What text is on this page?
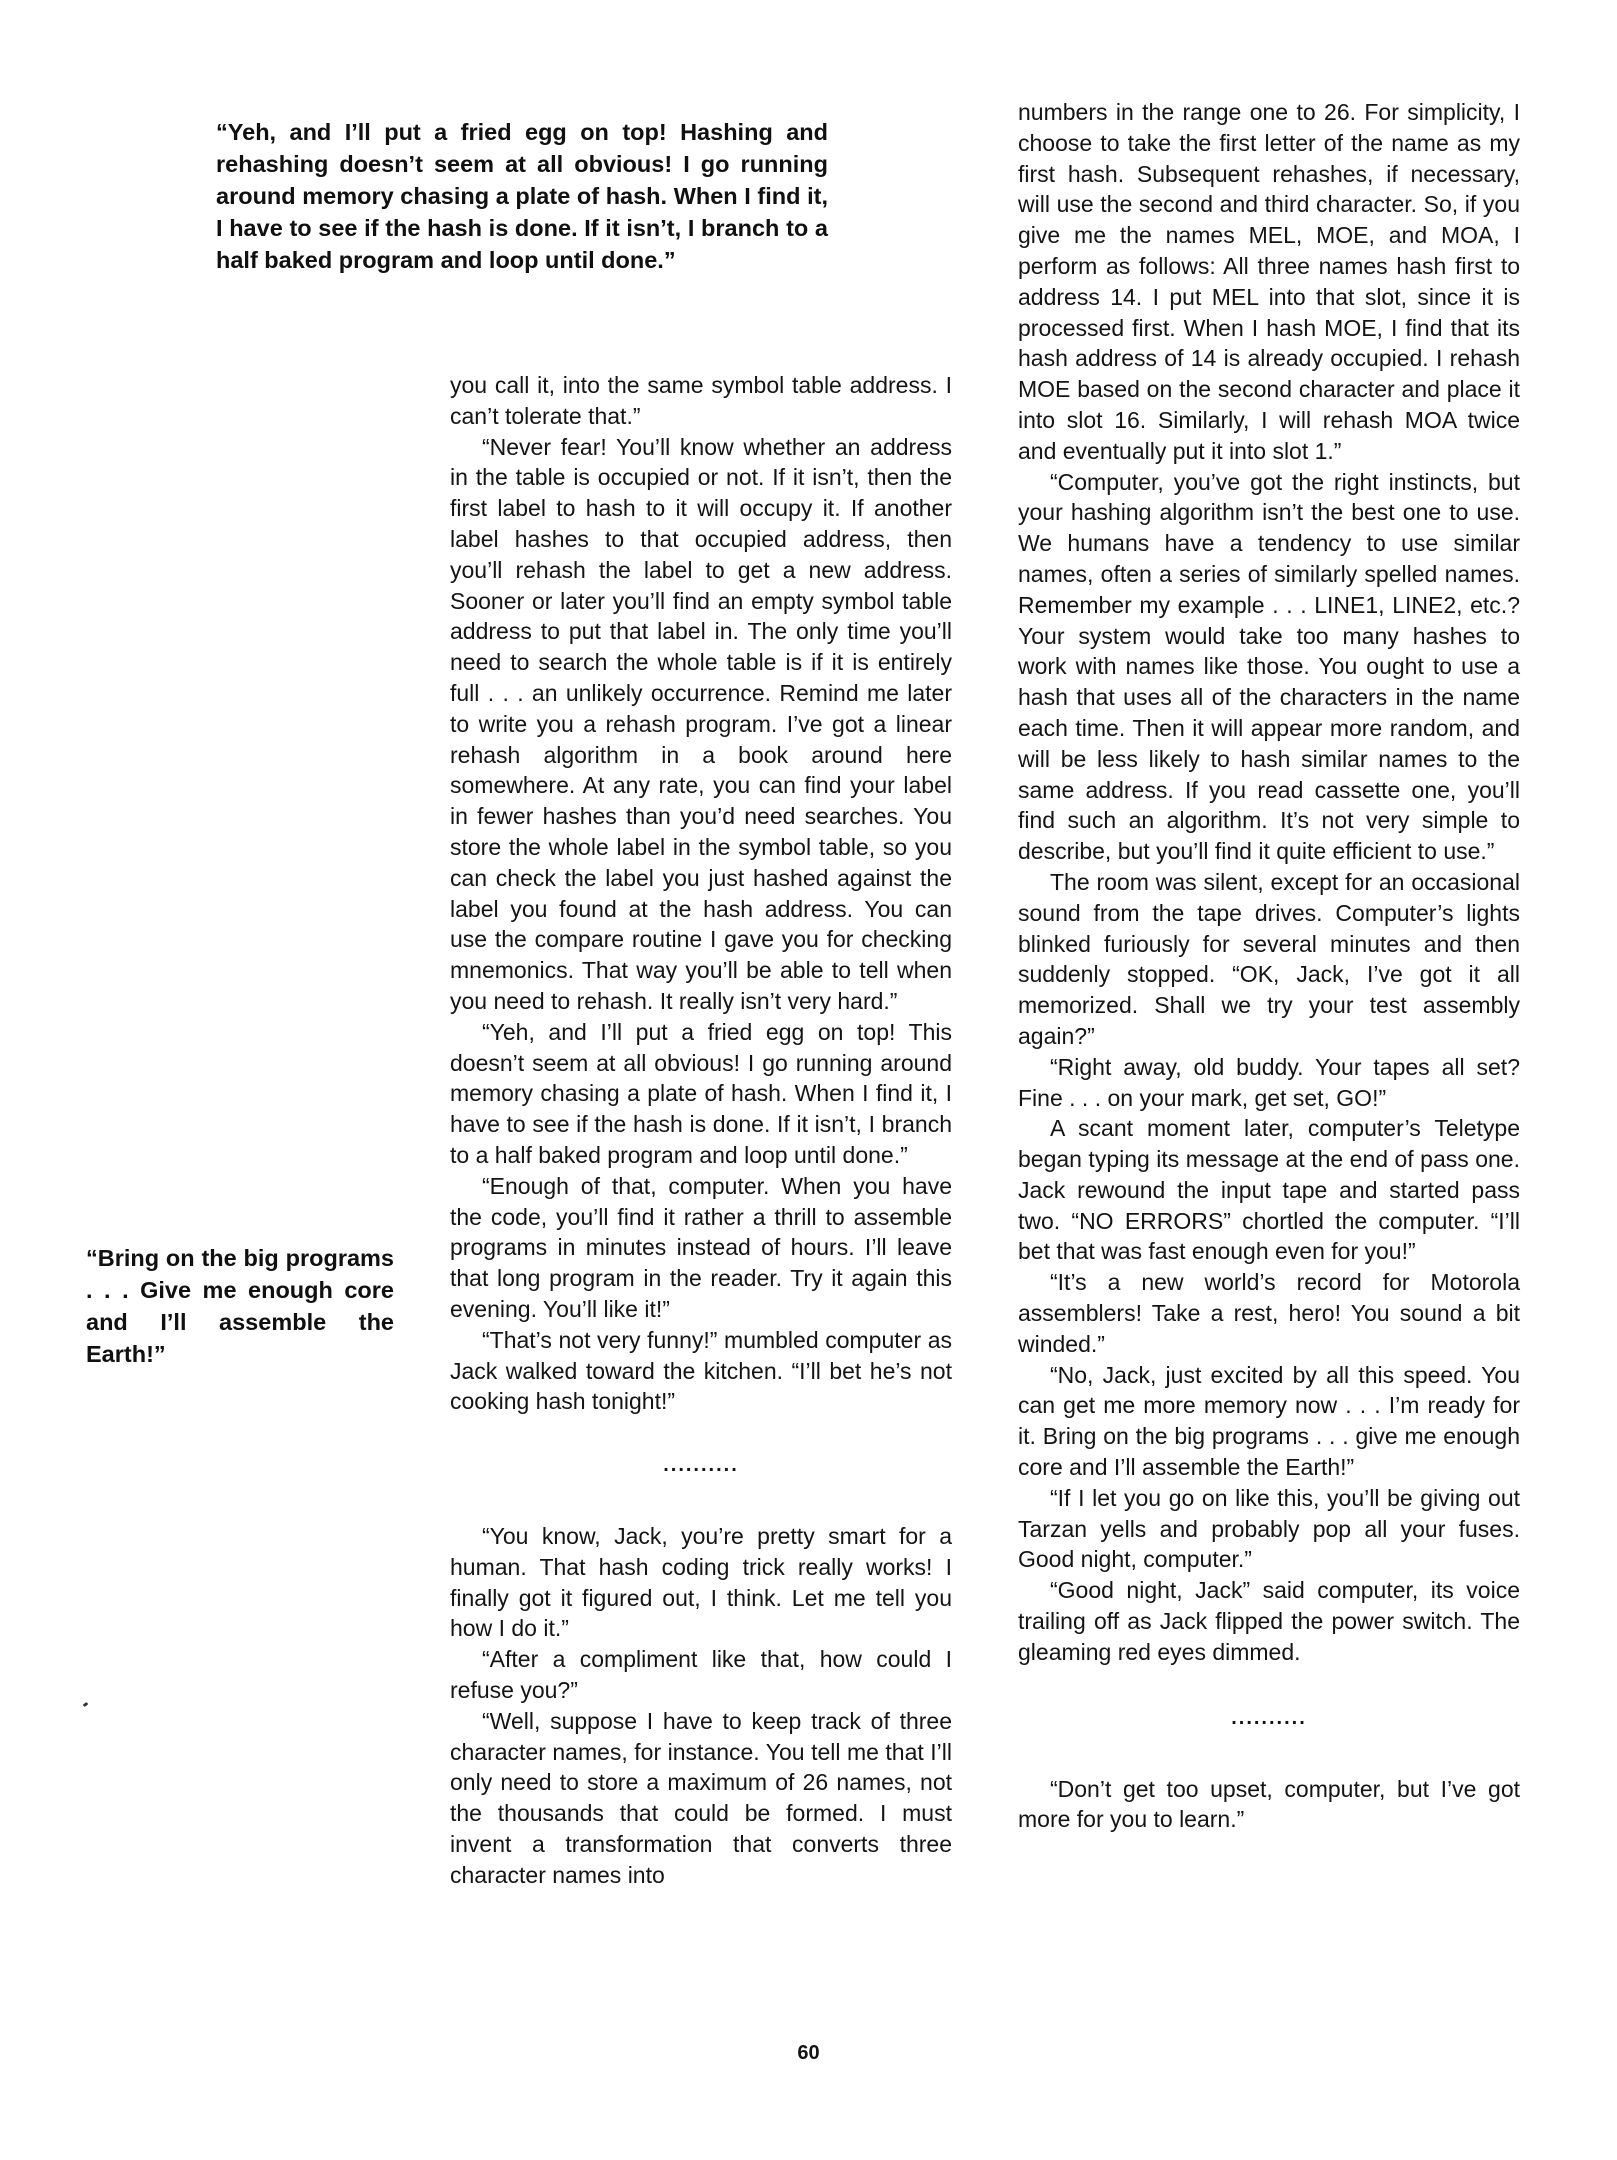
“Yeh, and I’ll put a fried egg on top! Hashing and rehashing doesn’t seem at all obvious! I go running around memory chasing a plate of hash. When I find it, I have to see if the hash is done. If it isn’t, I branch to a half baked program and loop until done.”
“Bring on the big programs . . . Give me enough core and I’ll assemble the Earth!”

you call it, into the same symbol table address. I can’t tolerate that.”

“Never fear! You’ll know whether an address in the table is occupied or not. If it isn’t, then the first label to hash to it will occupy it. If another label hashes to that occupied address, then you’ll rehash the label to get a new address. Sooner or later you’ll find an empty symbol table address to put that label in. The only time you’ll need to search the whole table is if it is entirely full . . . an unlikely occurrence. Remind me later to write you a rehash program. I’ve got a linear rehash algorithm in a book around here somewhere. At any rate, you can find your label in fewer hashes than you’d need searches. You store the whole label in the symbol table, so you can check the label you just hashed against the label you found at the hash address. You can use the compare routine I gave you for checking mnemonics. That way you’ll be able to tell when you need to rehash. It really isn’t very hard.”

“Yeh, and I’ll put a fried egg on top! This doesn’t seem at all obvious! I go running around memory chasing a plate of hash. When I find it, I have to see if the hash is done. If it isn’t, I branch to a half baked program and loop until done.”

“Enough of that, computer. When you have the code, you’ll find it rather a thrill to assemble programs in minutes instead of hours. I’ll leave that long program in the reader. Try it again this evening. You’ll like it!”

“That’s not very funny!” mumbled computer as Jack walked toward the kitchen. “I’ll bet he’s not cooking hash tonight!”

..........

“You know, Jack, you’re pretty smart for a human. That hash coding trick really works! I finally got it figured out, I think. Let me tell you how I do it.”

“After a compliment like that, how could I refuse you?”

“Well, suppose I have to keep track of three character names, for instance. You tell me that I’ll only need to store a maximum of 26 names, not the thousands that could be formed. I must invent a transformation that converts three character names into

numbers in the range one to 26. For simplicity, I choose to take the first letter of the name as my first hash. Subsequent rehashes, if necessary, will use the second and third character. So, if you give me the names MEL, MOE, and MOA, I perform as follows: All three names hash first to address 14. I put MEL into that slot, since it is processed first. When I hash MOE, I find that its hash address of 14 is already occupied. I rehash MOE based on the second character and place it into slot 16. Similarly, I will rehash MOA twice and eventually put it into slot 1.”

“Computer, you’ve got the right instincts, but your hashing algorithm isn’t the best one to use. We humans have a tendency to use similar names, often a series of similarly spelled names. Remember my example . . . LINE1, LINE2, etc.? Your system would take too many hashes to work with names like those. You ought to use a hash that uses all of the characters in the name each time. Then it will appear more random, and will be less likely to hash similar names to the same address. If you read cassette one, you’ll find such an algorithm. It’s not very simple to describe, but you’ll find it quite efficient to use.”

The room was silent, except for an occasional sound from the tape drives. Computer’s lights blinked furiously for several minutes and then suddenly stopped. “OK, Jack, I’ve got it all memorized. Shall we try your test assembly again?”

“Right away, old buddy. Your tapes all set? Fine . . . on your mark, get set, GO!”

A scant moment later, computer’s Teletype began typing its message at the end of pass one. Jack rewound the input tape and started pass two. “NO ERRORS” chortled the computer. “I’ll bet that was fast enough even for you!”

“It’s a new world’s record for Motorola assemblers! Take a rest, hero! You sound a bit winded.”

“No, Jack, just excited by all this speed. You can get me more memory now . . . I’m ready for it. Bring on the big programs . . . give me enough core and I’ll assemble the Earth!”

“If I let you go on like this, you’ll be giving out Tarzan yells and probably pop all your fuses. Good night, computer.”

“Good night, Jack” said computer, its voice trailing off as Jack flipped the power switch. The gleaming red eyes dimmed.

..........

“Don’t get too upset, computer, but I’ve got more for you to learn.”

60
